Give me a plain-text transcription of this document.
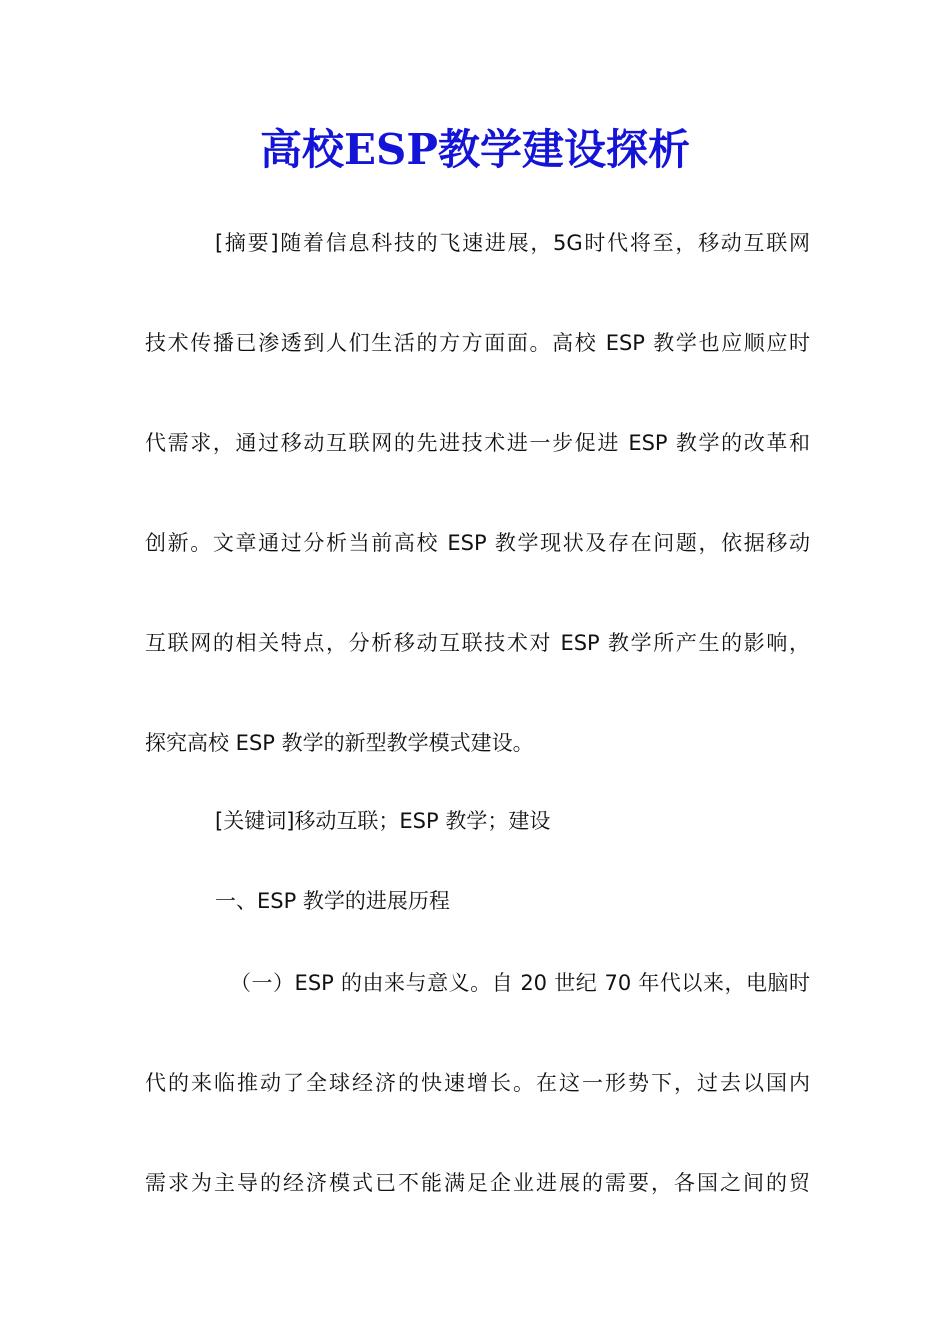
高校ESP教学建设探析

[摘要]随着信息科技的飞速进展，5G时代将至，移动互联网

技术传播已渗透到人们生活的方方面面。高校 ESP 教学也应顺应时

代需求，通过移动互联网的先进技术进一步促进 ESP 教学的改革和

创新。文章通过分析当前高校 ESP 教学现状及存在问题，依据移动

互联网的相关特点，分析移动互联技术对 ESP 教学所产生的影响，

探究高校 ESP 教学的新型教学模式建设。

[关键词]移动互联；ESP 教学；建设

一、ESP 教学的进展历程

（一）ESP 的由来与意义。自 20 世纪 70 年代以来，电脑时

代的来临推动了全球经济的快速增长。在这一形势下，过去以国内

需求为主导的经济模式已不能满足企业进展的需要，各国之间的贸
